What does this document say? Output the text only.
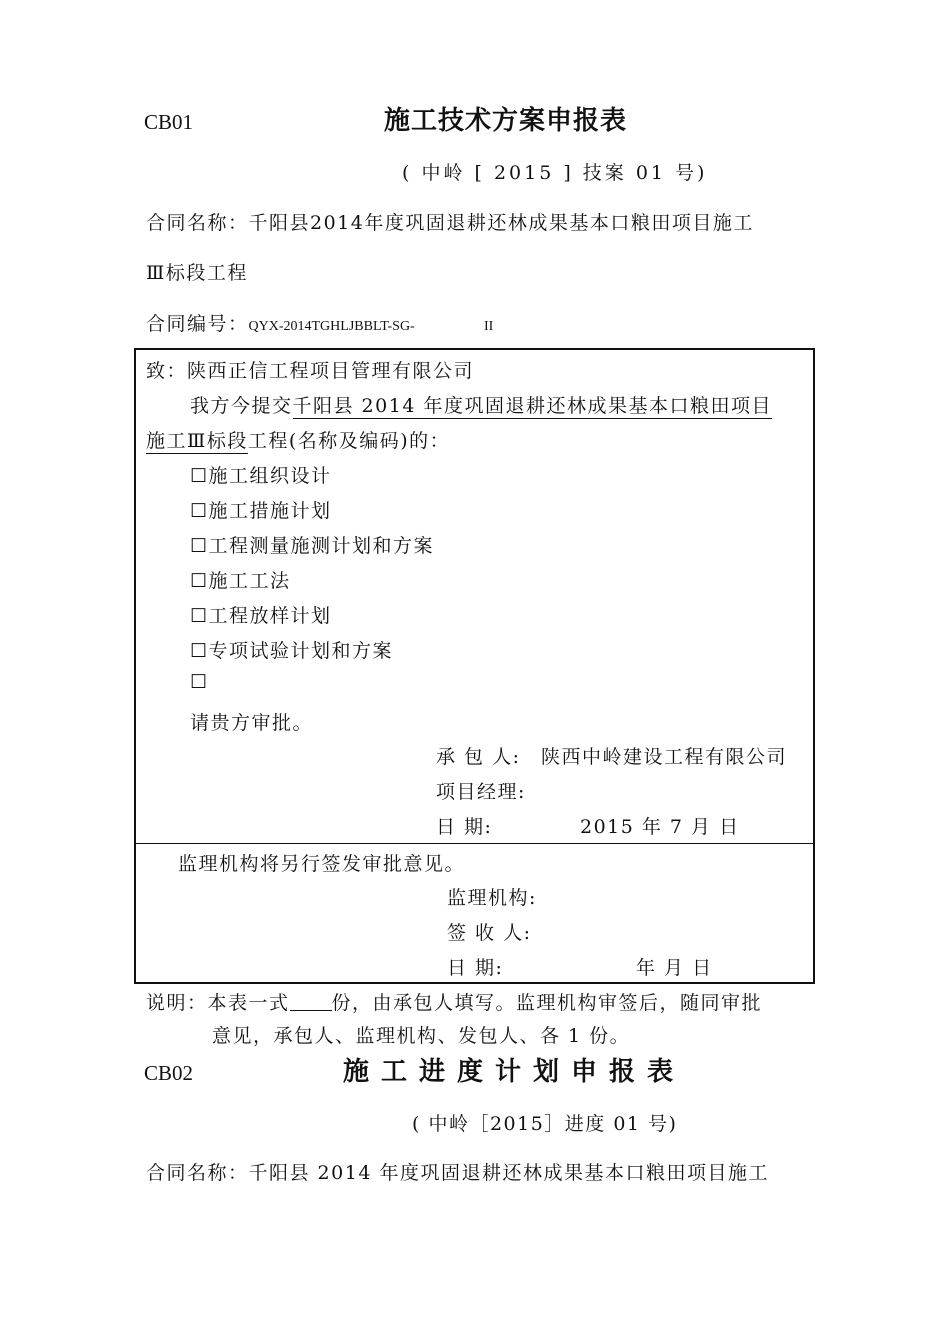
CB01	施工技术方案申报表
( 中岭 [ 2015 ] 技案 01 号)
合同名称：千阳县2014年度巩固退耕还林成果基本口粮田项目施工
Ⅲ标段工程
合同编号：QYX-2014TGHLJBBLT-SG-	II
致：陕西正信工程项目管理有限公司
我方今提交千阳县 2014 年度巩固退耕还林成果基本口粮田项目
施工Ⅲ标段工程(名称及编码)的：
☐施工组织设计
☐施工措施计划
☐工程测量施测计划和方案
☐施工工法
☐工程放样计划
☐专项试验计划和方案
☐
请贵方审批。
承 包 人: 陕西中岭建设工程有限公司
项目经理:
日 期:	2015 年 7 月 日
监理机构将另行签发审批意见。
监理机构:
签 收 人:
日 期:	年 月 日
说明：本表一式 份，由承包人填写。监理机构审签后，随同审批
意见，承包人、监理机构、发包人、各 1 份。
CB02	施工进度计划申报表
( 中岭［2015］进度 01 号)
合同名称：千阳县 2014 年度巩固退耕还林成果基本口粮田项目施工
